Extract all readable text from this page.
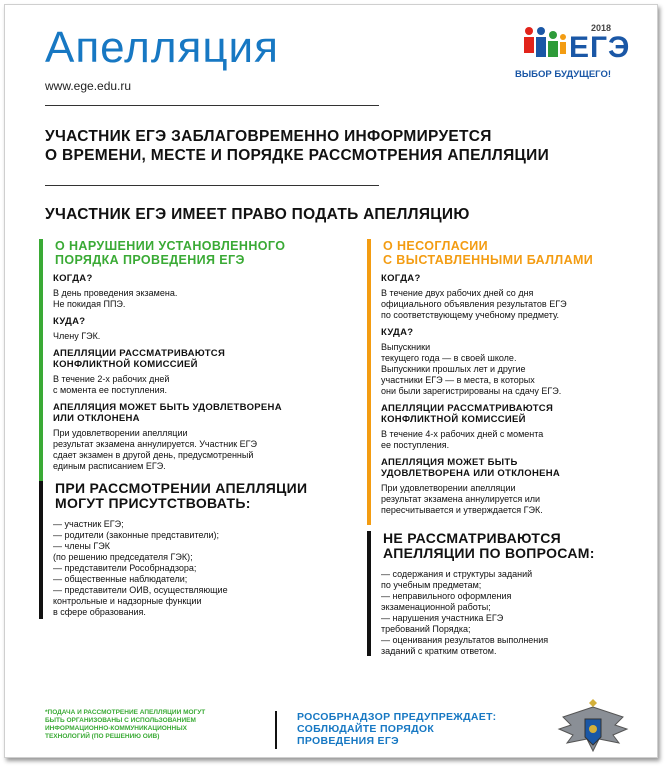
Апелляция
www.ege.edu.ru
2018
ЕГЭ
ВЫБОР БУДУЩЕГО!
УЧАСТНИК ЕГЭ ЗАБЛАГОВРЕМЕННО ИНФОРМИРУЕТСЯ
О ВРЕМЕНИ, МЕСТЕ И ПОРЯДКЕ РАССМОТРЕНИЯ АПЕЛЛЯЦИИ
УЧАСТНИК ЕГЭ ИМЕЕТ ПРАВО ПОДАТЬ АПЕЛЛЯЦИЮ
О НАРУШЕНИИ УСТАНОВЛЕННОГО
ПОРЯДКА ПРОВЕДЕНИЯ ЕГЭ
КОГДА?
В день проведения экзамена.
Не покидая ППЭ.
КУДА?
Члену ГЭК.
АПЕЛЛЯЦИИ РАССМАТРИВАЮТСЯ
КОНФЛИКТНОЙ КОМИССИЕЙ
В течение 2-х рабочих дней
с момента ее поступления.
АПЕЛЛЯЦИЯ МОЖЕТ БЫТЬ УДОВЛЕТВОРЕНА
ИЛИ ОТКЛОНЕНА
При удовлетворении апелляции
результат экзамена аннулируется. Участник ЕГЭ
сдает экзамен в другой день, предусмотренный
единым расписанием ЕГЭ.
О НЕСОГЛАСИИ
С ВЫСТАВЛЕННЫМИ БАЛЛАМИ
КОГДА?
В течение двух рабочих дней со дня
официального объявления результатов ЕГЭ
по соответствующему учебному предмету.
КУДА?
Выпускники
текущего года — в своей школе.
Выпускники прошлых лет и другие
участники ЕГЭ — в места, в которых
они были зарегистрированы на сдачу ЕГЭ.
АПЕЛЛЯЦИИ РАССМАТРИВАЮТСЯ
КОНФЛИКТНОЙ КОМИССИЕЙ
В течение 4-х рабочих дней с момента
ее поступления.
АПЕЛЛЯЦИЯ МОЖЕТ БЫТЬ
УДОВЛЕТВОРЕНА ИЛИ ОТКЛОНЕНА
При удовлетворении апелляции
результат экзамена аннулируется или
пересчитывается и утверждается ГЭК.
ПРИ РАССМОТРЕНИИ АПЕЛЛЯЦИИ
МОГУТ ПРИСУТСТВОВАТЬ:
— участник ЕГЭ;
— родители (законные представители);
— члены ГЭК
(по решению председателя ГЭК);
— представители Рособрнадзора;
— общественные наблюдатели;
— представители ОИВ, осуществляющие
контрольные и надзорные функции
в сфере образования.
НЕ РАССМАТРИВАЮТСЯ
АПЕЛЛЯЦИИ ПО ВОПРОСАМ:
— содержания и структуры заданий
по учебным предметам;
— неправильного оформления
экзаменационной работы;
— нарушения участника ЕГЭ
требований Порядка;
— оценивания результатов выполнения
заданий с кратким ответом.
*ПОДАЧА И РАССМОТРЕНИЕ АПЕЛЛЯЦИИ МОГУТ
БЫТЬ ОРГАНИЗОВАНЫ С ИСПОЛЬЗОВАНИЕМ
ИНФОРМАЦИОННО-КОММУНИКАЦИОННЫХ
ТЕХНОЛОГИЙ (ПО РЕШЕНИЮ ОИВ)
РОСОБРНАДЗОР ПРЕДУПРЕЖДАЕТ:
СОБЛЮДАЙТЕ ПОРЯДОК
ПРОВЕДЕНИЯ ЕГЭ
